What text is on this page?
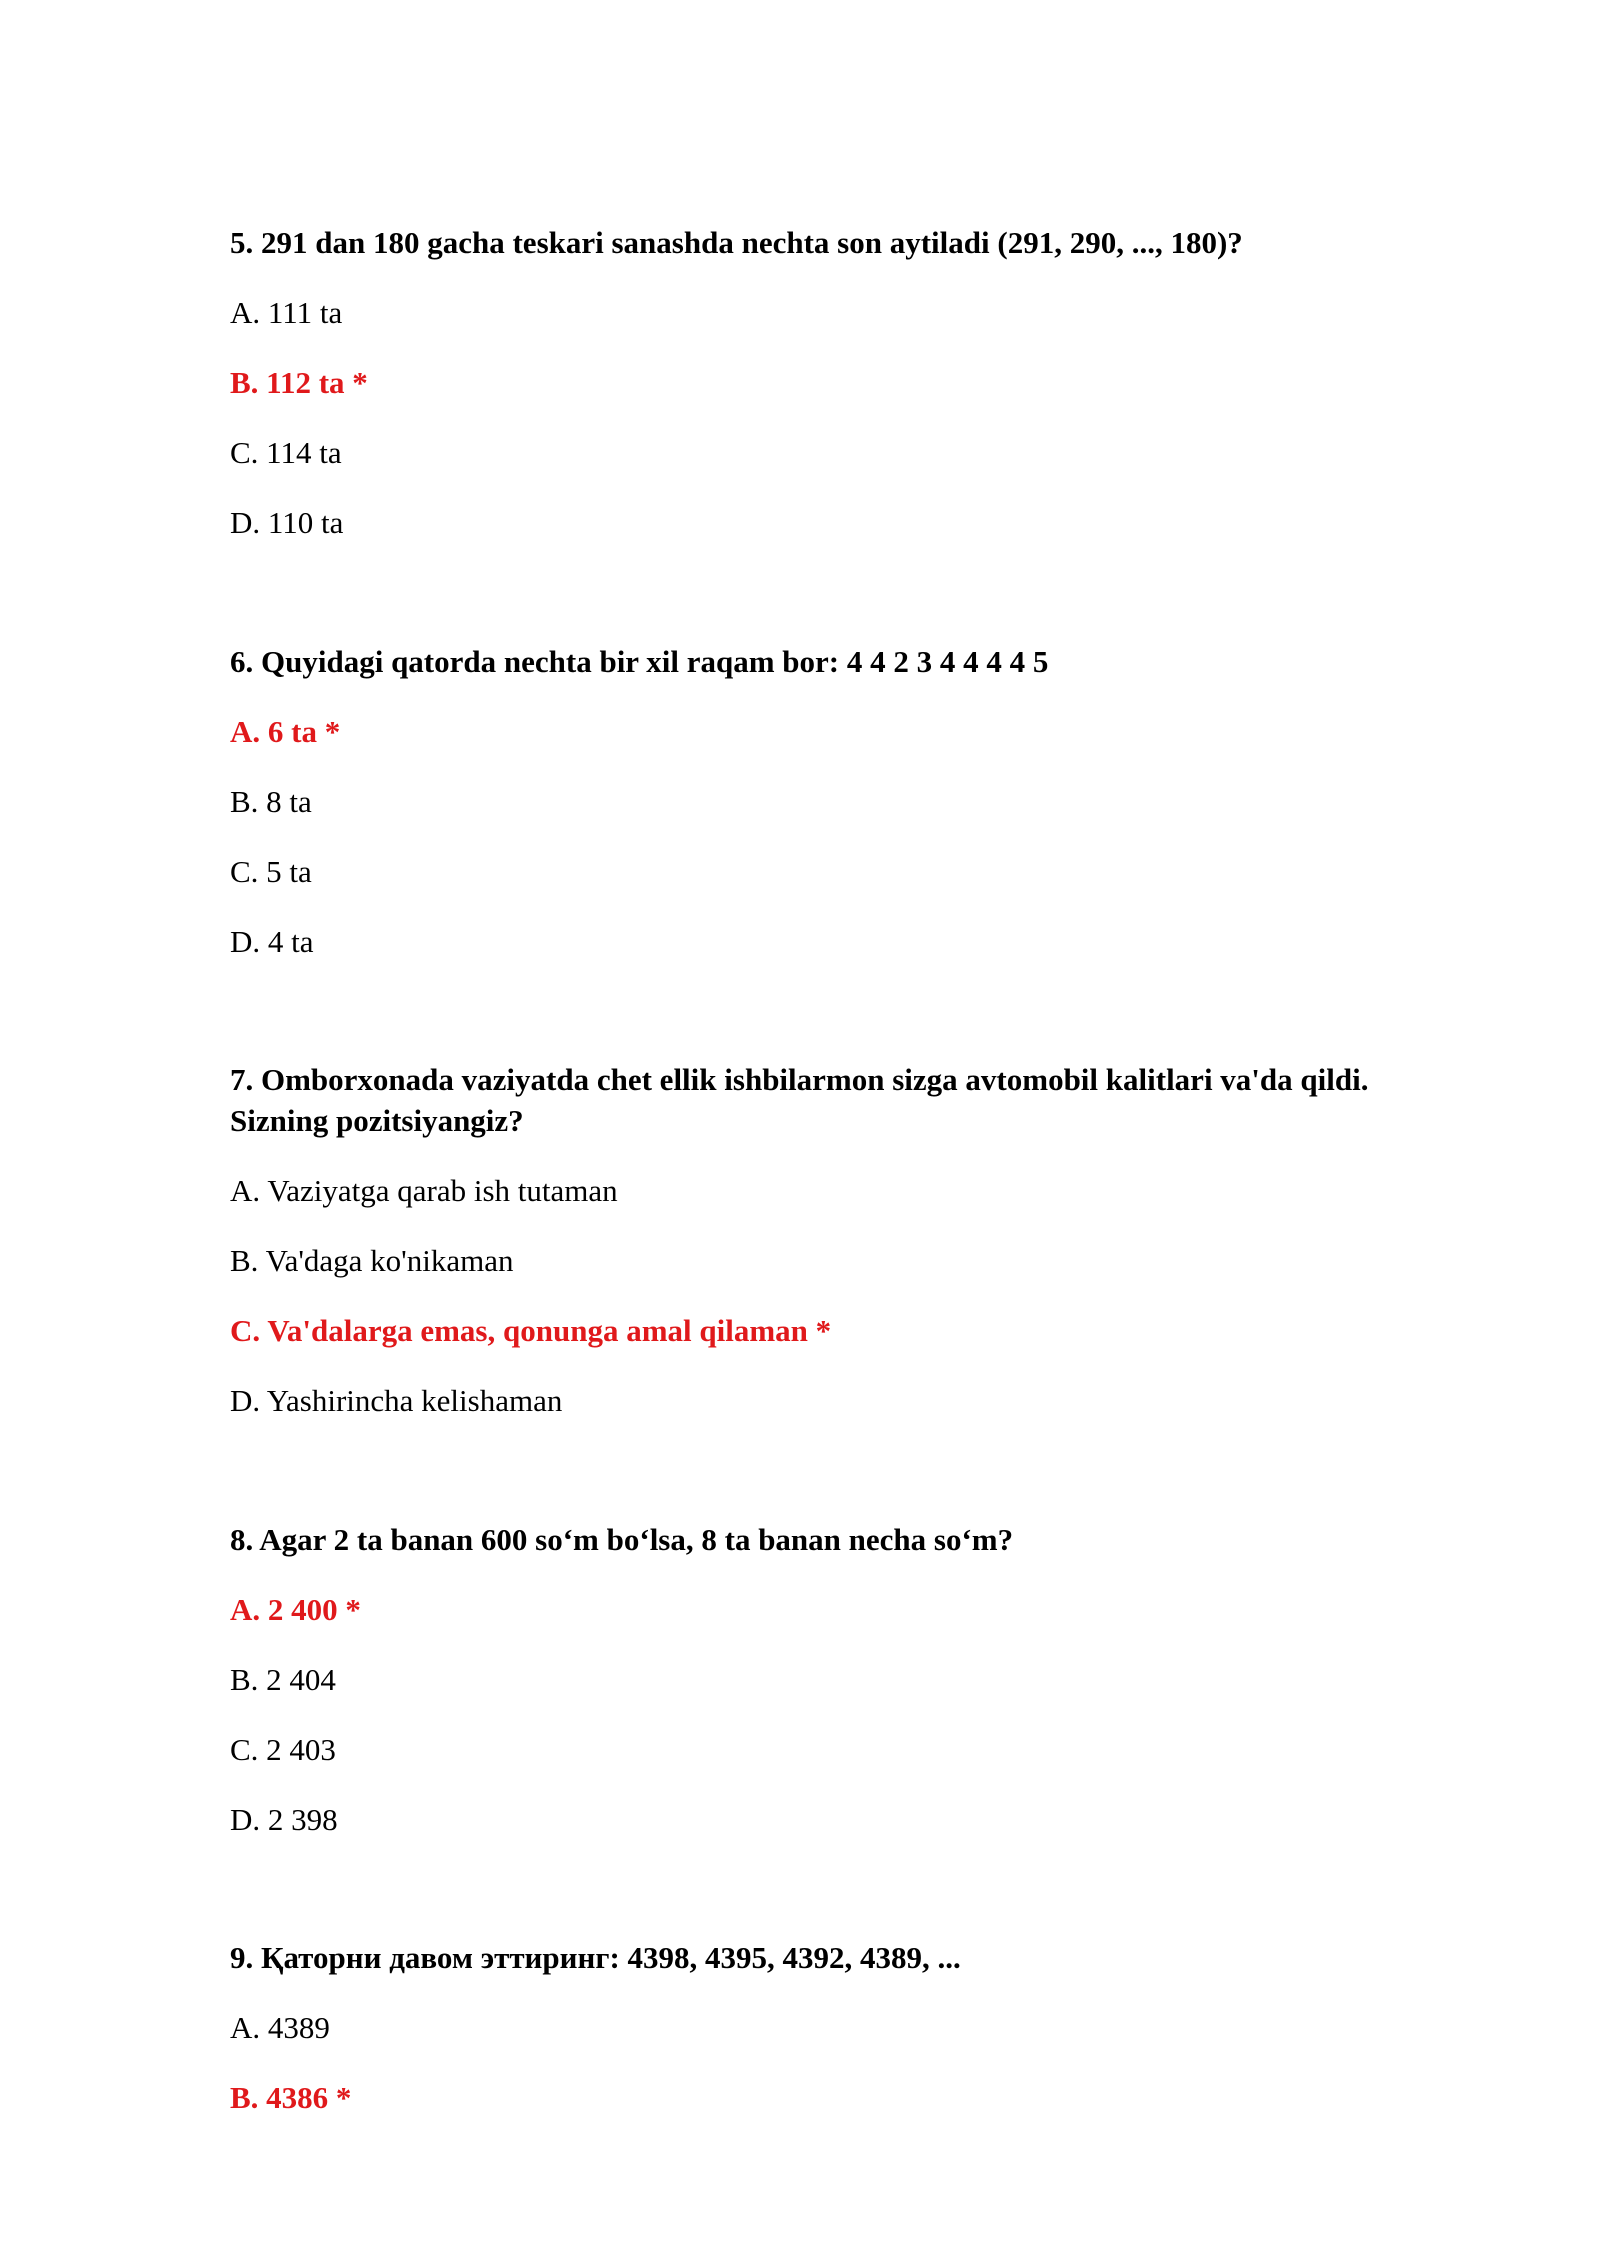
5. 291 dan 180 gacha teskari sanashda nechta son aytiladi (291, 290, ..., 180)?

A. 111 ta
B. 112 ta *
C. 114 ta
D. 110 ta

6. Quyidagi qatorda nechta bir xil raqam bor: 4 4 2 3 4 4 4 4 5

A. 6 ta *
B. 8 ta
C. 5 ta
D. 4 ta

7. Omborxonada vaziyatda chet ellik ishbilarmon sizga avtomobil kalitlari va'da qildi. Sizning pozitsiyangiz?

A. Vaziyatga qarab ish tutaman
B. Va'daga ko'nikaman
C. Va'dalarga emas, qonunga amal qilaman *
D. Yashirincha kelishaman

8. Agar 2 ta banan 600 so‘m bo‘lsa, 8 ta banan necha so‘m?

A. 2 400 *
B. 2 404
C. 2 403
D. 2 398

9. Қаторни давом эттиринг: 4398, 4395, 4392, 4389, ...

A. 4389
B. 4386 *
